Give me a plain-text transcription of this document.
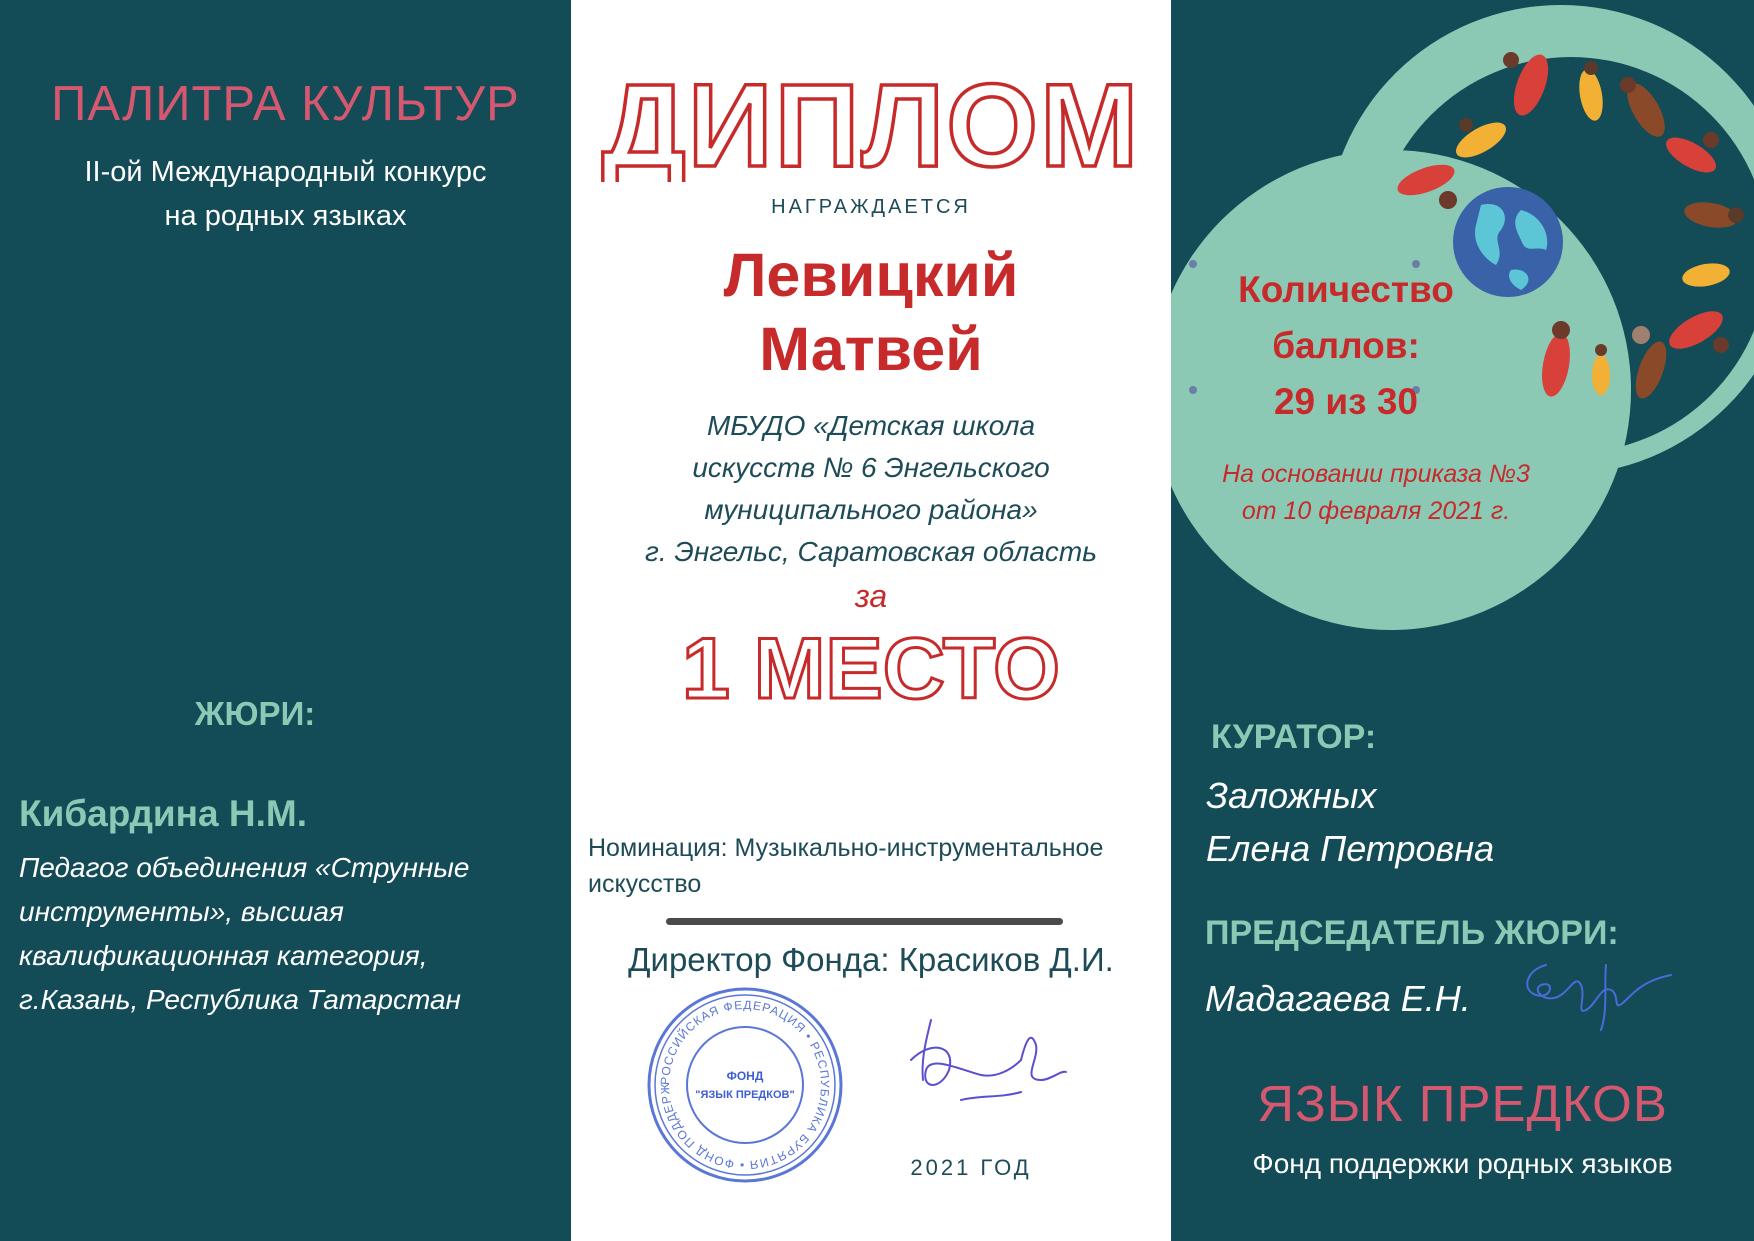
ПАЛИТРА КУЛЬТУР
II-ой Международный конкурс
на родных языках
ЖЮРИ:
Кибардина Н.М.
Педагог объединения «Струнные
инструменты», высшая
квалификационная категория,
г.Казань, Республика Татарстан
ДИПЛОМ
НАГРАЖДАЕТСЯ
Левицкий
Матвей
МБУДО «Детская школа
искусств № 6 Энгельского
муниципального района»
г. Энгельс, Саратовская область
за
1 МЕСТО
Номинация: Музыкально-инструментальное
искусство
РОССИЙСКАЯ ФЕДЕРАЦИЯ • РЕСПУБЛИКА БУРЯТИЯ • ФОНД ПОДДЕРЖ
ФОНД
"ЯЗЫК ПРЕДКОВ"
Директор Фонда: Красиков Д.И.
2021 ГОД
Количество
баллов:
29 из 30
На основании приказа №3
от 10 февраля 2021 г.
КУРАТОР:
Заложных
Елена Петровна
ПРЕДСЕДАТЕЛЬ ЖЮРИ:
Мадагаева Е.Н.
ЯЗЫК ПРЕДКОВ
Фонд поддержки родных языков
